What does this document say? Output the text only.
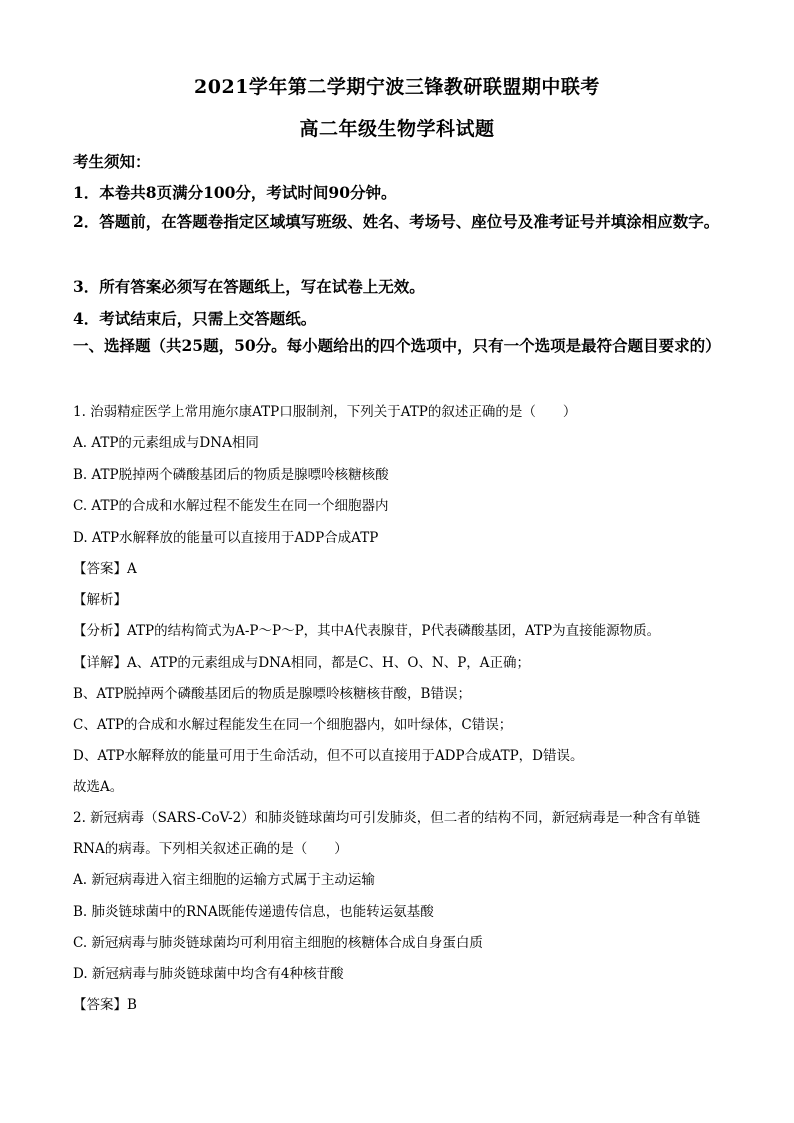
2021学年第二学期宁波三锋教研联盟期中联考
高二年级生物学科试题
考生须知：
1．本卷共8页满分100分，考试时间90分钟。
2．答题前，在答题卷指定区域填写班级、姓名、考场号、座位号及准考证号并填涂相应数字。
3．所有答案必须写在答题纸上，写在试卷上无效。
4．考试结束后，只需上交答题纸。
一、选择题（共25题，50分。每小题给出的四个选项中，只有一个选项是最符合题目要求的）
1. 治弱精症医学上常用施尔康ATP口服制剂，下列关于ATP的叙述正确的是（　　）
A. ATP的元素组成与DNA相同
B. ATP脱掉两个磷酸基团后的物质是腺嘌呤核糖核酸
C. ATP的合成和水解过程不能发生在同一个细胞器内
D. ATP水解释放的能量可以直接用于ADP合成ATP
【答案】A
【解析】
【分析】ATP的结构简式为A-P～P～P，其中A代表腺苷，P代表磷酸基团，ATP为直接能源物质。
【详解】A、ATP的元素组成与DNA相同，都是C、H、O、N、P，A正确；
B、ATP脱掉两个磷酸基团后的物质是腺嘌呤核糖核苷酸，B错误；
C、ATP的合成和水解过程能发生在同一个细胞器内，如叶绿体，C错误；
D、ATP水解释放的能量可用于生命活动，但不可以直接用于ADP合成ATP，D错误。
故选A。
2. 新冠病毒（SARS-CoV-2）和肺炎链球菌均可引发肺炎，但二者的结构不同，新冠病毒是一种含有单链
RNA的病毒。下列相关叙述正确的是（　　）
A. 新冠病毒进入宿主细胞的运输方式属于主动运输
B. 肺炎链球菌中的RNA既能传递遗传信息，也能转运氨基酸
C. 新冠病毒与肺炎链球菌均可利用宿主细胞的核糖体合成自身蛋白质
D. 新冠病毒与肺炎链球菌中均含有4种核苷酸
【答案】B
